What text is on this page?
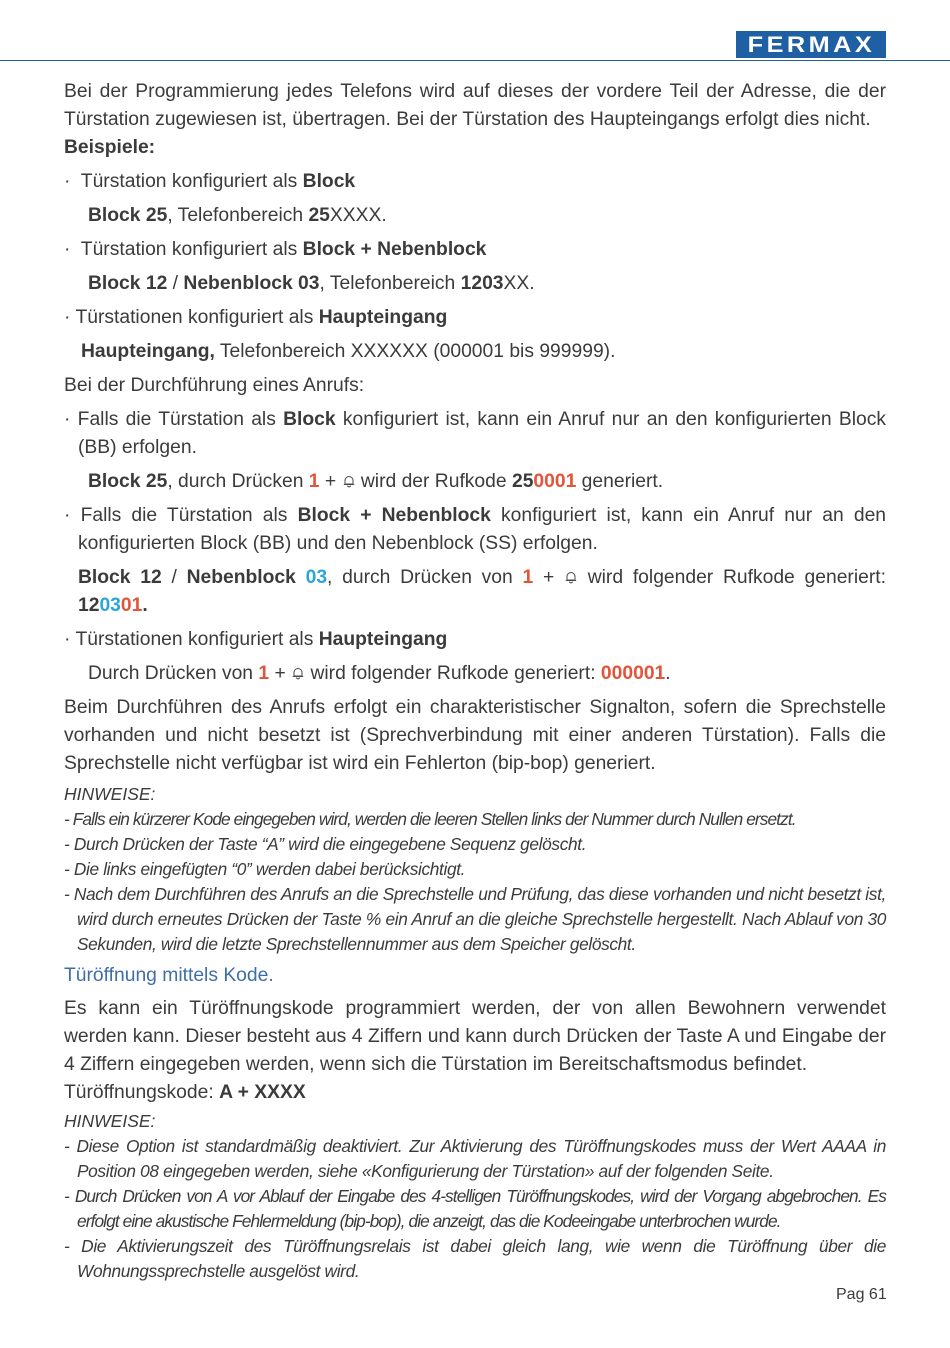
FERMAX

Bei der Programmierung jedes Telefons wird auf dieses der vordere Teil der Adresse, die der Türstation zugewiesen ist, übertragen. Bei der Türstation des Haupteingangs erfolgt dies nicht.

Beispiele:

· Türstation konfiguriert als Block

Block 25, Telefonbereich 25XXXX.

· Türstation konfiguriert als Block + Nebenblock

Block 12 / Nebenblock 03, Telefonbereich 1203XX.

· Türstationen konfiguriert als Haupteingang

Haupteingang, Telefonbereich XXXXXX (000001 bis 999999).

Bei der Durchführung eines Anrufs:

· Falls die Türstation als Block konfiguriert ist, kann ein Anruf nur an den konfigurierten Block (BB) erfolgen.

Block 25, durch Drücken 1 +  wird der Rufkode 250001 generiert.

· Falls die Türstation als Block + Nebenblock konfiguriert ist, kann ein Anruf nur an den konfigurierten Block (BB) und den Nebenblock (SS) erfolgen.

Block 12 / Nebenblock 03, durch Drücken von 1 +  wird folgender Rufkode generiert: 120301.

· Türstationen konfiguriert als Haupteingang

Durch Drücken von 1 +  wird folgender Rufkode generiert: 000001.

Beim Durchführen des Anrufs erfolgt ein charakteristischer Signalton, sofern die Sprechstelle vorhanden und nicht besetzt ist (Sprechverbindung mit einer anderen Türstation). Falls die Sprechstelle nicht verfügbar ist wird ein Fehlerton (bip-bop) generiert.

HINWEISE:

- Falls ein kürzerer Kode eingegeben wird, werden die leeren Stellen links der Nummer durch Nullen ersetzt.

- Durch Drücken der Taste “A” wird die eingegebene Sequenz gelöscht.

- Die links eingefügten “0” werden dabei berücksichtigt.

- Nach dem Durchführen des Anrufs an die Sprechstelle und Prüfung, das diese vorhanden und nicht besetzt ist, wird durch erneutes Drücken der Taste % ein Anruf an die gleiche Sprechstelle hergestellt. Nach Ablauf von 30 Sekunden, wird die letzte Sprechstellennummer aus dem Speicher gelöscht.

Türöffnung mittels Kode.

Es kann ein Türöffnungskode programmiert werden, der von allen Bewohnern verwendet werden kann. Dieser besteht aus 4 Ziffern und kann durch Drücken der Taste A und Eingabe der 4 Ziffern eingegeben werden, wenn sich die Türstation im Bereitschaftsmodus befindet.

Türöffnungskode: A + XXXX

HINWEISE:

- Diese Option ist standardmäßig deaktiviert. Zur Aktivierung des Türöffnungskodes muss der Wert AAAA in Position 08 eingegeben werden, siehe «Konfigurierung der Türstation» auf der folgenden Seite.

- Durch Drücken von A vor Ablauf der Eingabe des 4-stelligen Türöffnungskodes, wird der Vorgang abgebrochen. Es erfolgt eine akustische Fehlermeldung (bip-bop), die anzeigt, das die Kodeeingabe unterbrochen wurde.

- Die Aktivierungszeit des Türöffnungsrelais ist dabei gleich lang, wie wenn die Türöffnung über die Wohnungssprechstelle ausgelöst wird.

Pag 61
